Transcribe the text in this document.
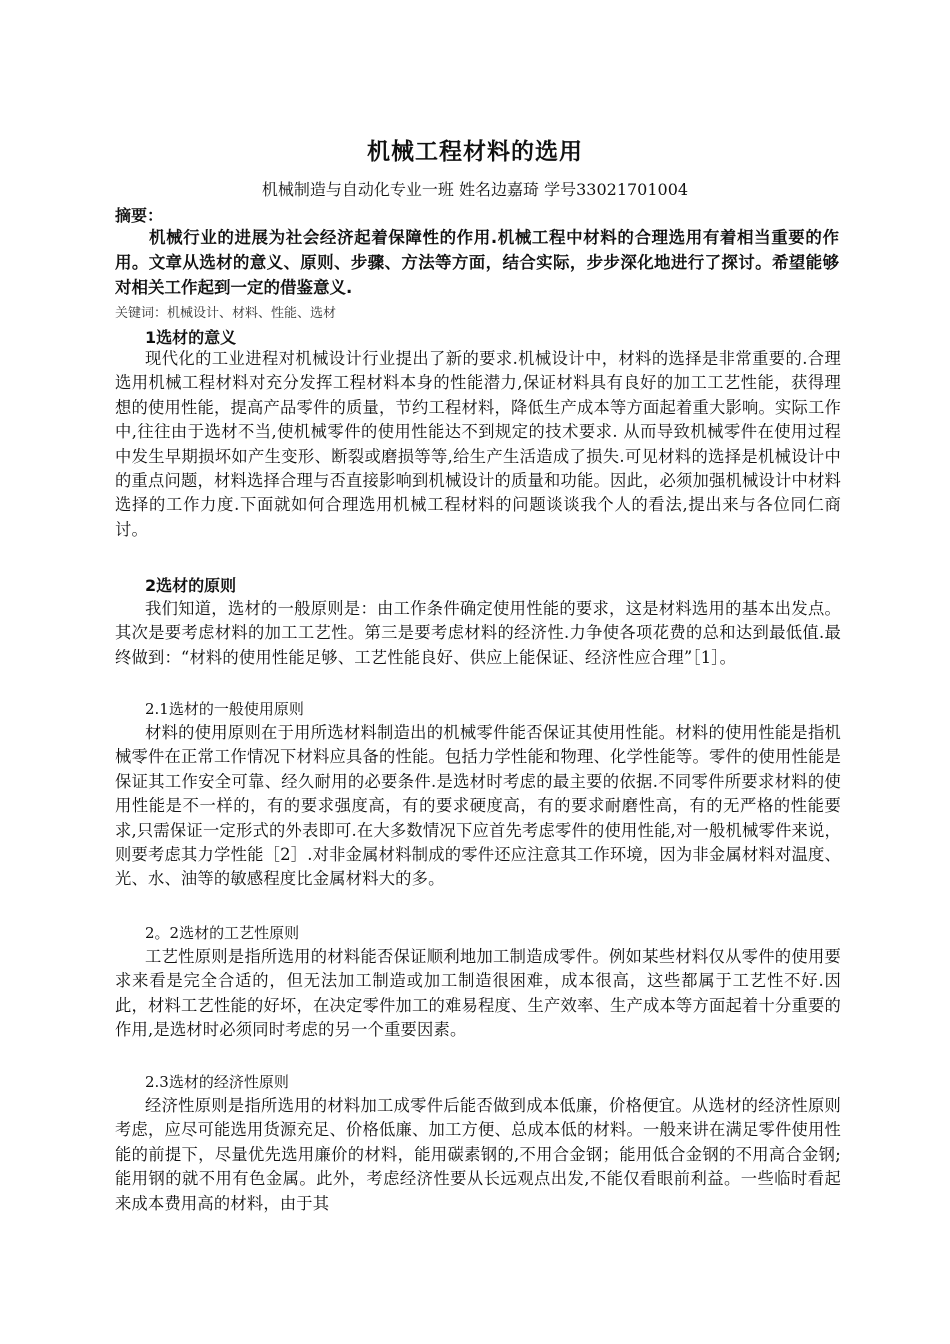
机械工程材料的选用
机械制造与自动化专业一班 姓名边嘉琦 学号33021701004
摘要：

机械行业的进展为社会经济起着保障性的作用.机械工程中材料的合理选用有着相当重要的作用。文章从选材的意义、原则、步骤、方法等方面，结合实际，步步深化地进行了探讨。希望能够对相关工作起到一定的借鉴意义.

关键词：机械设计、材料、性能、选材
1选材的意义

现代化的工业进程对机械设计行业提出了新的要求.机械设计中，材料的选择是非常重要的.合理选用机械工程材料对充分发挥工程材料本身的性能潜力,保证材料具有良好的加工工艺性能，获得理想的使用性能，提高产品零件的质量，节约工程材料，降低生产成本等方面起着重大影响。实际工作中,往往由于选材不当,使机械零件的使用性能达不到规定的技术要求. 从而导致机械零件在使用过程中发生早期损坏如产生变形、断裂或磨损等等,给生产生活造成了损失.可见材料的选择是机械设计中的重点问题，材料选择合理与否直接影响到机械设计的质量和功能。因此，必须加强机械设计中材料选择的工作力度.下面就如何合理选用机械工程材料的问题谈谈我个人的看法,提出来与各位同仁商讨。

2选材的原则

我们知道，选材的一般原则是：由工作条件确定使用性能的要求，这是材料选用的基本出发点。其次是要考虑材料的加工工艺性。第三是要考虑材料的经济性.力争使各项花费的总和达到最低值.最终做到：“材料的使用性能足够、工艺性能良好、供应上能保证、经济性应合理”［1］。

2.1选材的一般使用原则

材料的使用原则在于用所选材料制造出的机械零件能否保证其使用性能。材料的使用性能是指机械零件在正常工作情况下材料应具备的性能。包括力学性能和物理、化学性能等。零件的使用性能是保证其工作安全可靠、经久耐用的必要条件.是选材时考虑的最主要的依据.不同零件所要求材料的使用性能是不一样的，有的要求强度高，有的要求硬度高，有的要求耐磨性高，有的无严格的性能要求,只需保证一定形式的外表即可.在大多数情况下应首先考虑零件的使用性能,对一般机械零件来说，则要考虑其力学性能［2］.对非金属材料制成的零件还应注意其工作环境，因为非金属材料对温度、光、水、油等的敏感程度比金属材料大的多。

2。2选材的工艺性原则

工艺性原则是指所选用的材料能否保证顺利地加工制造成零件。例如某些材料仅从零件的使用要求来看是完全合适的，但无法加工制造或加工制造很困难，成本很高，这些都属于工艺性不好.因此，材料工艺性能的好坏，在决定零件加工的难易程度、生产效率、生产成本等方面起着十分重要的作用,是选材时必须同时考虑的另一个重要因素。

2.3选材的经济性原则

经济性原则是指所选用的材料加工成零件后能否做到成本低廉，价格便宜。从选材的经济性原则考虑，应尽可能选用货源充足、价格低廉、加工方便、总成本低的材料。一般来讲在满足零件使用性能的前提下，尽量优先选用廉价的材料，能用碳素钢的,不用合金钢；能用低合金钢的不用高合金钢;能用钢的就不用有色金属。此外，考虑经济性要从长远观点出发,不能仅看眼前利益。一些临时看起来成本费用高的材料，由于其
